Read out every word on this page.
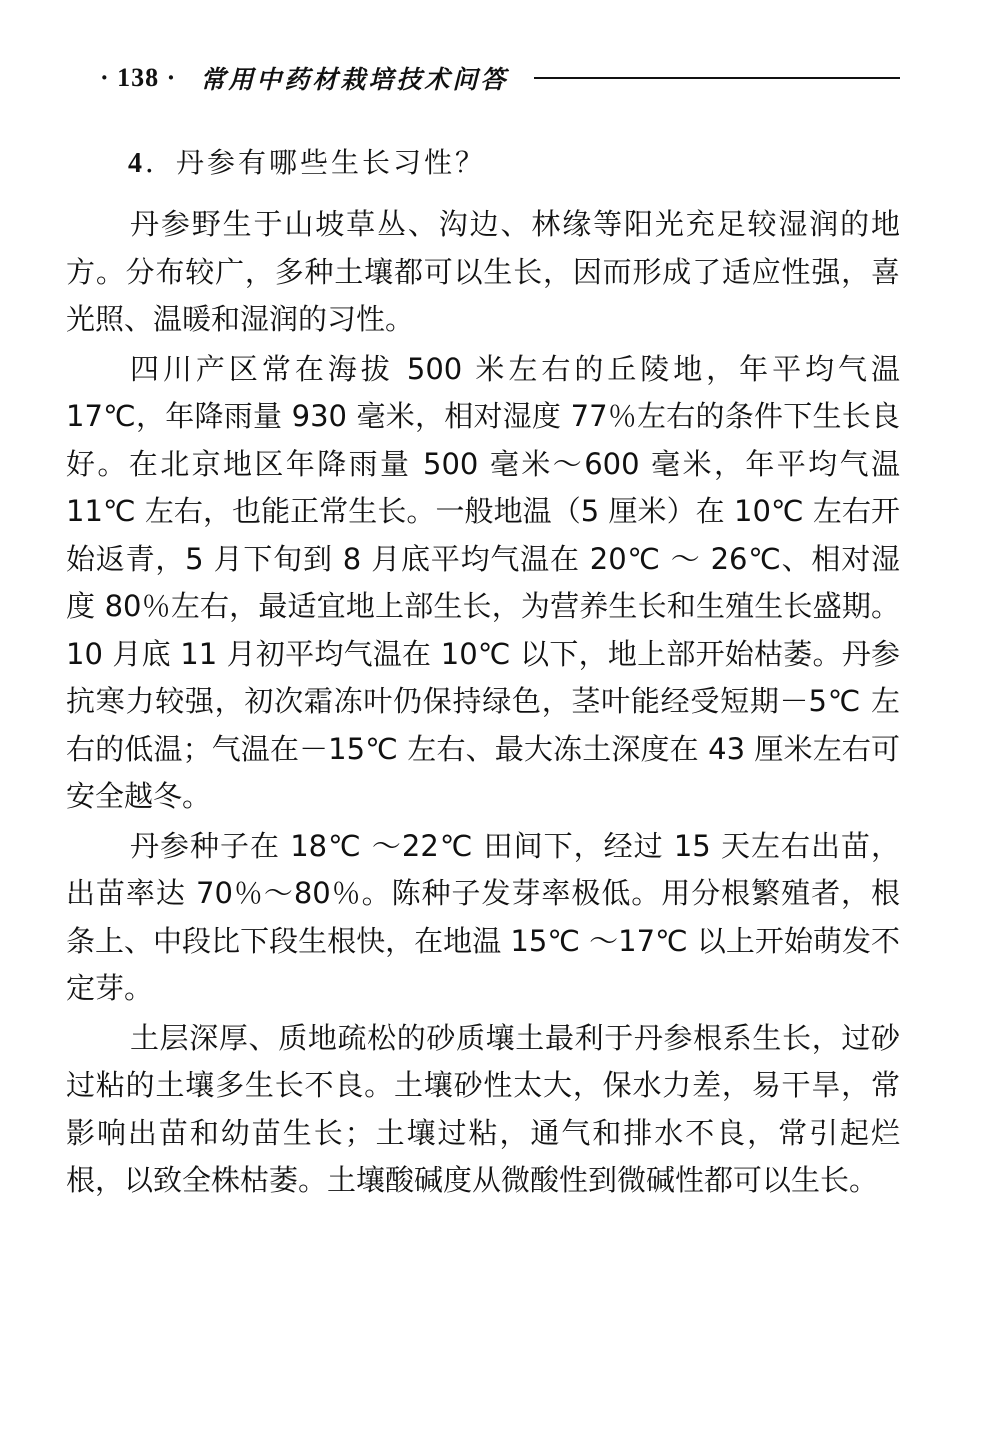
· 138 · 常用中药材栽培技术问答
4．丹参有哪些生长习性？

丹参野生于山坡草丛、沟边、林缘等阳光充足较湿润的地方。分布较广，多种土壤都可以生长，因而形成了适应性强，喜光照、温暖和湿润的习性。

四川产区常在海拔 500 米左右的丘陵地，年平均气温 17℃，年降雨量 930 毫米，相对湿度 77％左右的条件下生长良好。在北京地区年降雨量 500 毫米～600 毫米，年平均气温 11℃ 左右，也能正常生长。一般地温（5 厘米）在 10℃ 左右开始返青，5 月下旬到 8 月底平均气温在 20℃ ～ 26℃、相对湿度 80％左右，最适宜地上部生长，为营养生长和生殖生长盛期。10 月底 11 月初平均气温在 10℃ 以下，地上部开始枯萎。丹参抗寒力较强，初次霜冻叶仍保持绿色，茎叶能经受短期－5℃ 左右的低温；气温在－15℃ 左右、最大冻土深度在 43 厘米左右可安全越冬。

丹参种子在 18℃ ～22℃ 田间下，经过 15 天左右出苗，出苗率达 70％～80％。陈种子发芽率极低。用分根繁殖者，根条上、中段比下段生根快，在地温 15℃ ～17℃ 以上开始萌发不定芽。

土层深厚、质地疏松的砂质壤土最利于丹参根系生长，过砂过粘的土壤多生长不良。土壤砂性太大，保水力差，易干旱，常影响出苗和幼苗生长；土壤过粘，通气和排水不良，常引起烂根，以致全株枯萎。土壤酸碱度从微酸性到微碱性都可以生长。
